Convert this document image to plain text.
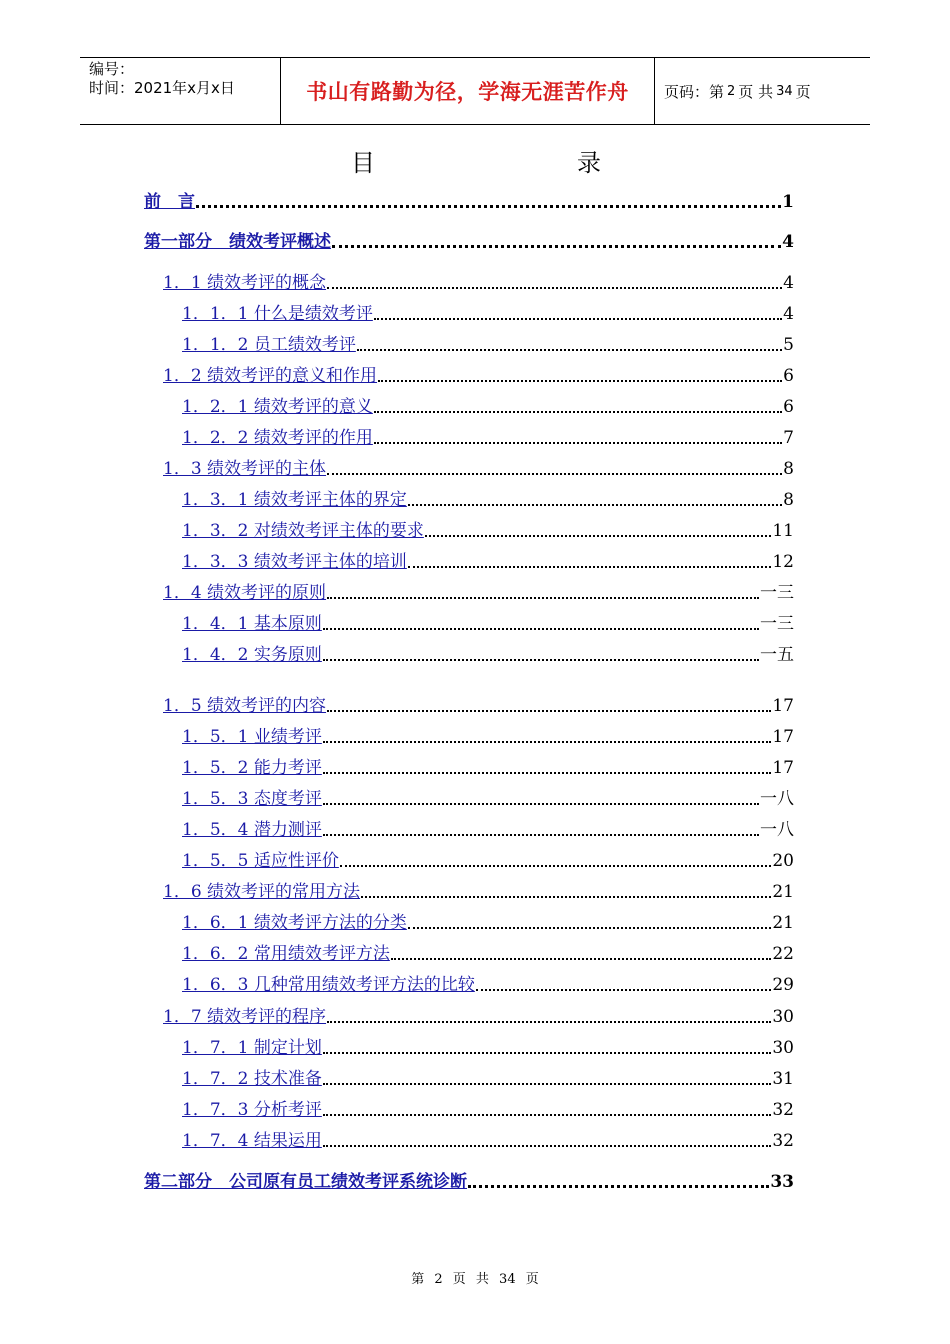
编号：
时间：2021年x月x日	书山有路勤为径，学海无涯苦作舟	页码：第 2 页 共 34 页
目	录
前　言	1
第一部分　绩效考评概述	4
1．1 绩效考评的概念	4
1．1．1 什么是绩效考评	4
1．1．2 员工绩效考评	5
1．2 绩效考评的意义和作用	6
1．2．1 绩效考评的意义	6
1．2．2 绩效考评的作用	7
1．3 绩效考评的主体	8
1．3．1 绩效考评主体的界定	8
1．3．2 对绩效考评主体的要求	11
1．3．3 绩效考评主体的培训	12
1．4 绩效考评的原则	一三
1．4．1 基本原则	一三
1．4．2 实务原则	一五
1．5 绩效考评的内容	17
1．5．1 业绩考评	17
1．5．2 能力考评	17
1．5．3 态度考评	一八
1．5．4 潜力测评	一八
1．5．5 适应性评价	20
1．6 绩效考评的常用方法	21
1．6．1 绩效考评方法的分类	21
1．6．2 常用绩效考评方法	22
1．6．3 几种常用绩效考评方法的比较	29
1．7 绩效考评的程序	30
1．7．1 制定计划	30
1．7．2 技术准备	31
1．7．3 分析考评	32
1．7．4 结果运用	32
第二部分　公司原有员工绩效考评系统诊断	33
第 2 页 共 34 页
